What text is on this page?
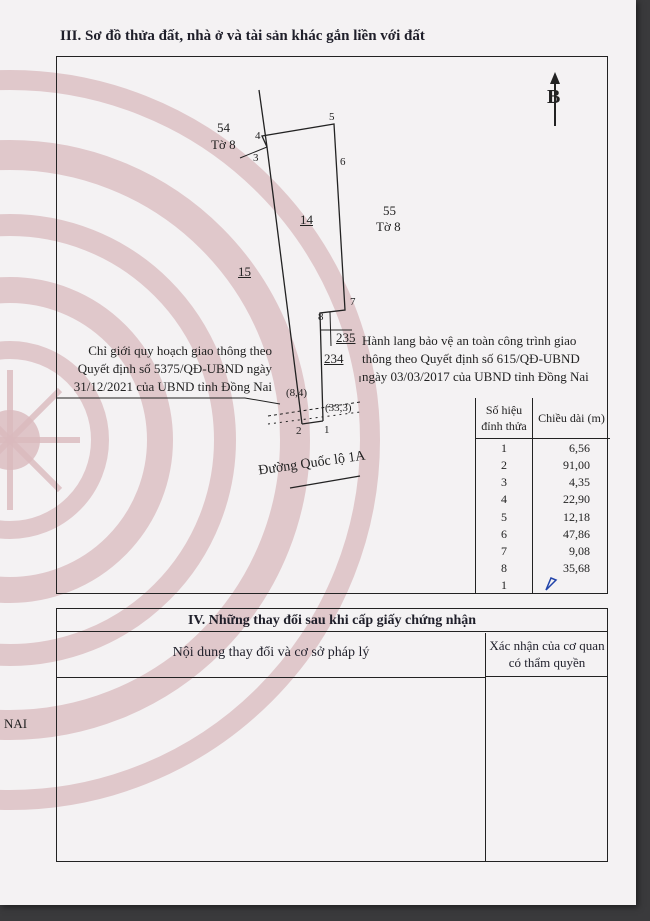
III. Sơ đồ thửa đất, nhà ở và tài sản khác gắn liền với đất
B
54
Tờ 8
55
Tờ 8
14
15
235
234
1
2
3
4
5
6
7
8
(8,4)
(33,3)
Đường Quốc lộ 1A
Chỉ giới quy hoạch giao thông theo Quyết định số 5375/QĐ-UBND ngày 31/12/2021 của UBND tỉnh Đồng Nai
Hành lang bảo vệ an toàn công trình giao thông theo Quyết định số 615/QĐ-UBND ngày 03/03/2017 của UBND tỉnh Đồng Nai
Số hiệu đỉnh thửa	Chiều dài (m)
1	6,56
2	91,00
3	4,35
4	22,90
5	12,18
6	47,86
7	9,08
8	35,68
1	
IV. Những thay đổi sau khi cấp giấy chứng nhận
Nội dung thay đổi và cơ sở pháp lý	Xác nhận của cơ quan có thẩm quyền
NAI
